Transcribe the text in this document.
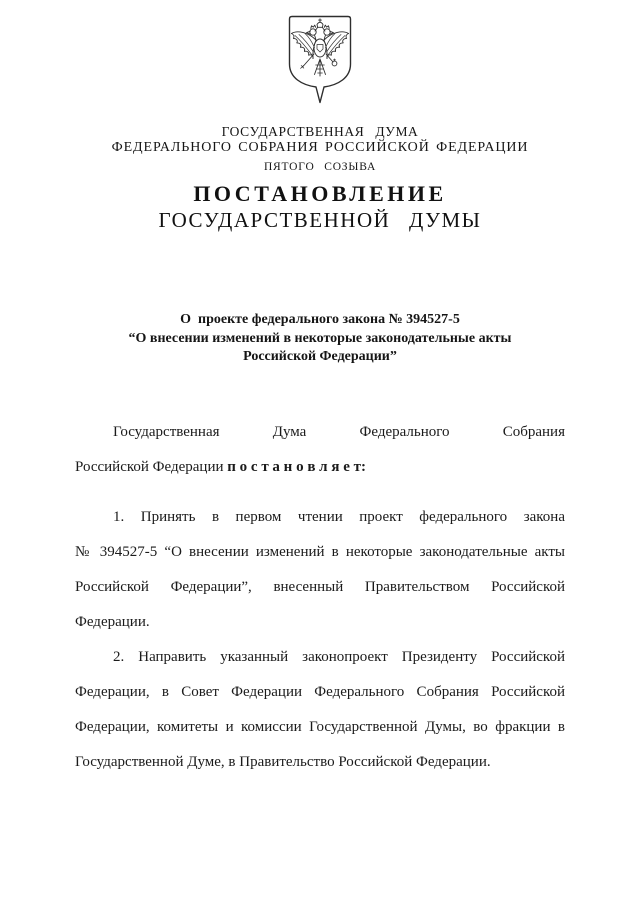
ГОСУДАРСТВЕННАЯ ДУМА
ФЕДЕРАЛЬНОГО СОБРАНИЯ РОССИЙСКОЙ ФЕДЕРАЦИИ
ПЯТОГО СОЗЫВА
ПОСТАНОВЛЕНИЕ
ГОСУДАРСТВЕННОЙ ДУМЫ
О  проекте федерального закона № 394527-5
“О внесении изменений в некоторые законодательные акты
Российской Федерации”
Государственная Дума Федерального Собрания
Российской Федерации п о с т а н о в л я е т:
1. Принять в первом чтении проект федерального закона
№ 394527-5 “О внесении изменений в некоторые законодательные акты
Российской Федерации”, внесенный Правительством Российской
Федерации.
2. Направить указанный законопроект Президенту Российской
Федерации, в Совет Федерации Федерального Собрания Российской
Федерации, комитеты и комиссии Государственной Думы, во фракции в
Государственной Думе, в Правительство Российской Федерации.
